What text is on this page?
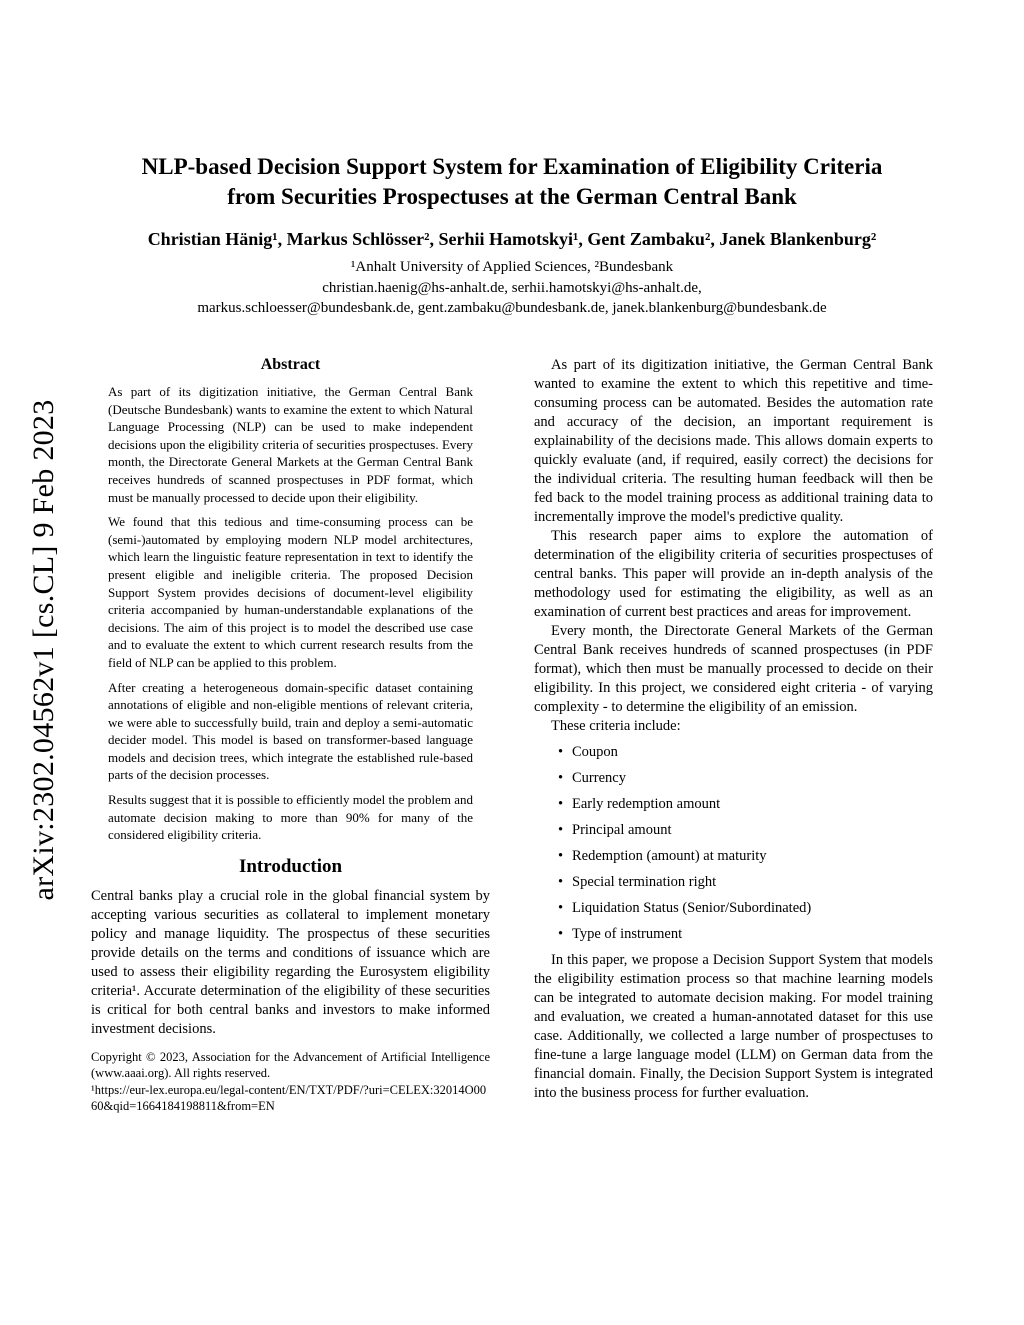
arXiv:2302.04562v1 [cs.CL] 9 Feb 2023
NLP-based Decision Support System for Examination of Eligibility Criteria
from Securities Prospectuses at the German Central Bank
Christian Hänig¹, Markus Schlösser², Serhii Hamotskyi¹, Gent Zambaku², Janek Blankenburg²
¹Anhalt University of Applied Sciences, ²Bundesbank
christian.haenig@hs-anhalt.de, serhii.hamotskyi@hs-anhalt.de,
markus.schloesser@bundesbank.de, gent.zambaku@bundesbank.de, janek.blankenburg@bundesbank.de
Abstract

As part of its digitization initiative, the German Central Bank (Deutsche Bundesbank) wants to examine the extent to which Natural Language Processing (NLP) can be used to make independent decisions upon the eligibility criteria of securities prospectuses. Every month, the Directorate General Markets at the German Central Bank receives hundreds of scanned prospectuses in PDF format, which must be manually processed to decide upon their eligibility.

We found that this tedious and time-consuming process can be (semi-)automated by employing modern NLP model architectures, which learn the linguistic feature representation in text to identify the present eligible and ineligible criteria. The proposed Decision Support System provides decisions of document-level eligibility criteria accompanied by human-understandable explanations of the decisions. The aim of this project is to model the described use case and to evaluate the extent to which current research results from the field of NLP can be applied to this problem.

After creating a heterogeneous domain-specific dataset containing annotations of eligible and non-eligible mentions of relevant criteria, we were able to successfully build, train and deploy a semi-automatic decider model. This model is based on transformer-based language models and decision trees, which integrate the established rule-based parts of the decision processes.

Results suggest that it is possible to efficiently model the problem and automate decision making to more than 90% for many of the considered eligibility criteria.

Introduction

Central banks play a crucial role in the global financial system by accepting various securities as collateral to implement monetary policy and manage liquidity. The prospectus of these securities provide details on the terms and conditions of issuance which are used to assess their eligibility regarding the Eurosystem eligibility criteria¹. Accurate determination of the eligibility of these securities is critical for both central banks and investors to make informed investment decisions.

Copyright © 2023, Association for the Advancement of Artificial Intelligence (www.aaai.org). All rights reserved.

¹https://eur-lex.europa.eu/legal-content/EN/TXT/PDF/?uri=CELEX:32014O0060&qid=1664184198811&from=EN

As part of its digitization initiative, the German Central Bank wanted to examine the extent to which this repetitive and time-consuming process can be automated. Besides the automation rate and accuracy of the decision, an important requirement is explainability of the decisions made. This allows domain experts to quickly evaluate (and, if required, easily correct) the decisions for the individual criteria. The resulting human feedback will then be fed back to the model training process as additional training data to incrementally improve the model's predictive quality.

This research paper aims to explore the automation of determination of the eligibility criteria of securities prospectuses of central banks. This paper will provide an in-depth analysis of the methodology used for estimating the eligibility, as well as an examination of current best practices and areas for improvement.

Every month, the Directorate General Markets of the German Central Bank receives hundreds of scanned prospectuses (in PDF format), which then must be manually processed to decide on their eligibility. In this project, we considered eight criteria - of varying complexity - to determine the eligibility of an emission.

These criteria include:

• Coupon
• Currency
• Early redemption amount
• Principal amount
• Redemption (amount) at maturity
• Special termination right
• Liquidation Status (Senior/Subordinated)
• Type of instrument

In this paper, we propose a Decision Support System that models the eligibility estimation process so that machine learning models can be integrated to automate decision making. For model training and evaluation, we created a human-annotated dataset for this use case. Additionally, we collected a large number of prospectuses to fine-tune a large language model (LLM) on German data from the financial domain. Finally, the Decision Support System is integrated into the business process for further evaluation.
